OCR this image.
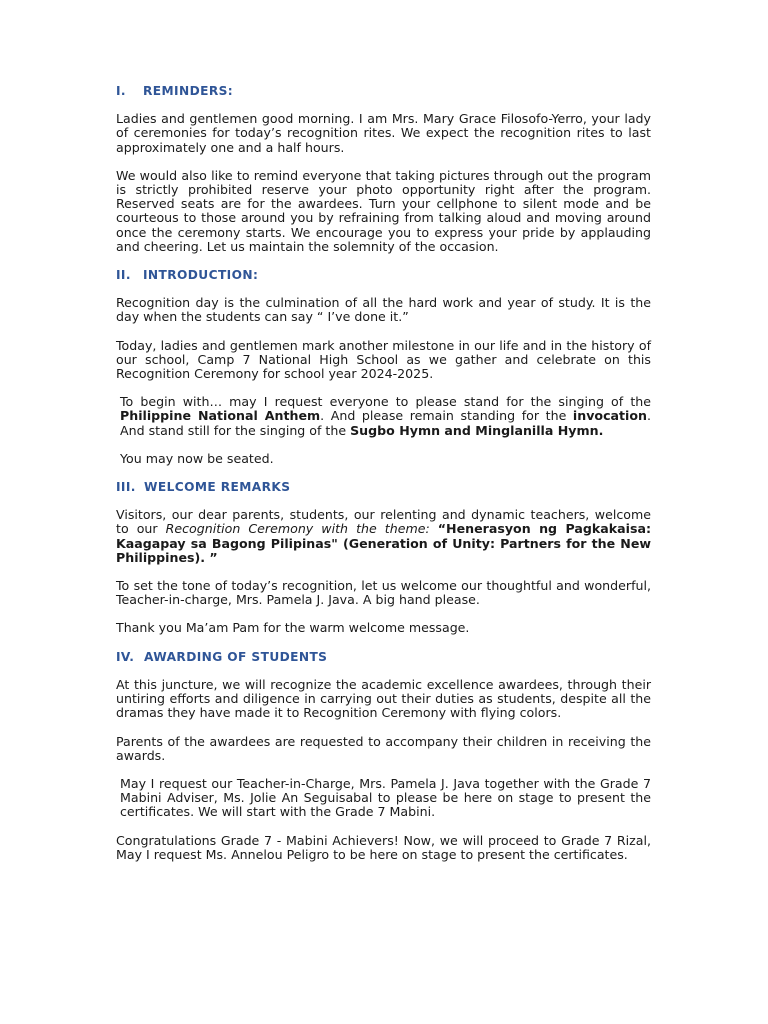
I. REMINDERS:

Ladies and gentlemen good morning. I am Mrs. Mary Grace Filosofo-Yerro, your lady of ceremonies for today’s recognition rites. We expect the recognition rites to last approximately one and a half hours.

We would also like to remind everyone that taking pictures through out the program is strictly prohibited reserve your photo opportunity right after the program. Reserved seats are for the awardees. Turn your cellphone to silent mode and be courteous to those around you by refraining from talking aloud and moving around once the ceremony starts. We encourage you to express your pride by applauding and cheering. Let us maintain the solemnity of the occasion.

II. INTRODUCTION:

Recognition day is the culmination of all the hard work and year of study. It is the day when the students can say “ I’ve done it.”

Today, ladies and gentlemen mark another milestone in our life and in the history of our school, Camp 7 National High School as we gather and celebrate on this Recognition Ceremony for school year 2024-2025.

To begin with… may I request everyone to please stand for the singing of the Philippine National Anthem. And please remain standing for the invocation. And stand still for the singing of the Sugbo Hymn and Minglanilla Hymn.

You may now be seated.

III. WELCOME REMARKS

Visitors, our dear parents, students, our relenting and dynamic teachers, welcome to our Recognition Ceremony with the theme: “Henerasyon ng Pagkakaisa: Kaagapay sa Bagong Pilipinas" (Generation of Unity: Partners for the New Philippines). ”

To set the tone of today’s recognition, let us welcome our thoughtful and wonderful, Teacher-in-charge, Mrs. Pamela J. Java. A big hand please.

Thank you Ma’am Pam for the warm welcome message.

IV. AWARDING OF STUDENTS

At this juncture, we will recognize the academic excellence awardees, through their untiring efforts and diligence in carrying out their duties as students, despite all the dramas they have made it to Recognition Ceremony with flying colors.

Parents of the awardees are requested to accompany their children in receiving the awards.

May I request our Teacher-in-Charge, Mrs. Pamela J. Java together with the Grade 7 Mabini Adviser, Ms. Jolie An Seguisabal to please be here on stage to present the certificates. We will start with the Grade 7 Mabini.

Congratulations Grade 7 - Mabini Achievers! Now, we will proceed to Grade 7 Rizal, May I request Ms. Annelou Peligro to be here on stage to present the certificates.
